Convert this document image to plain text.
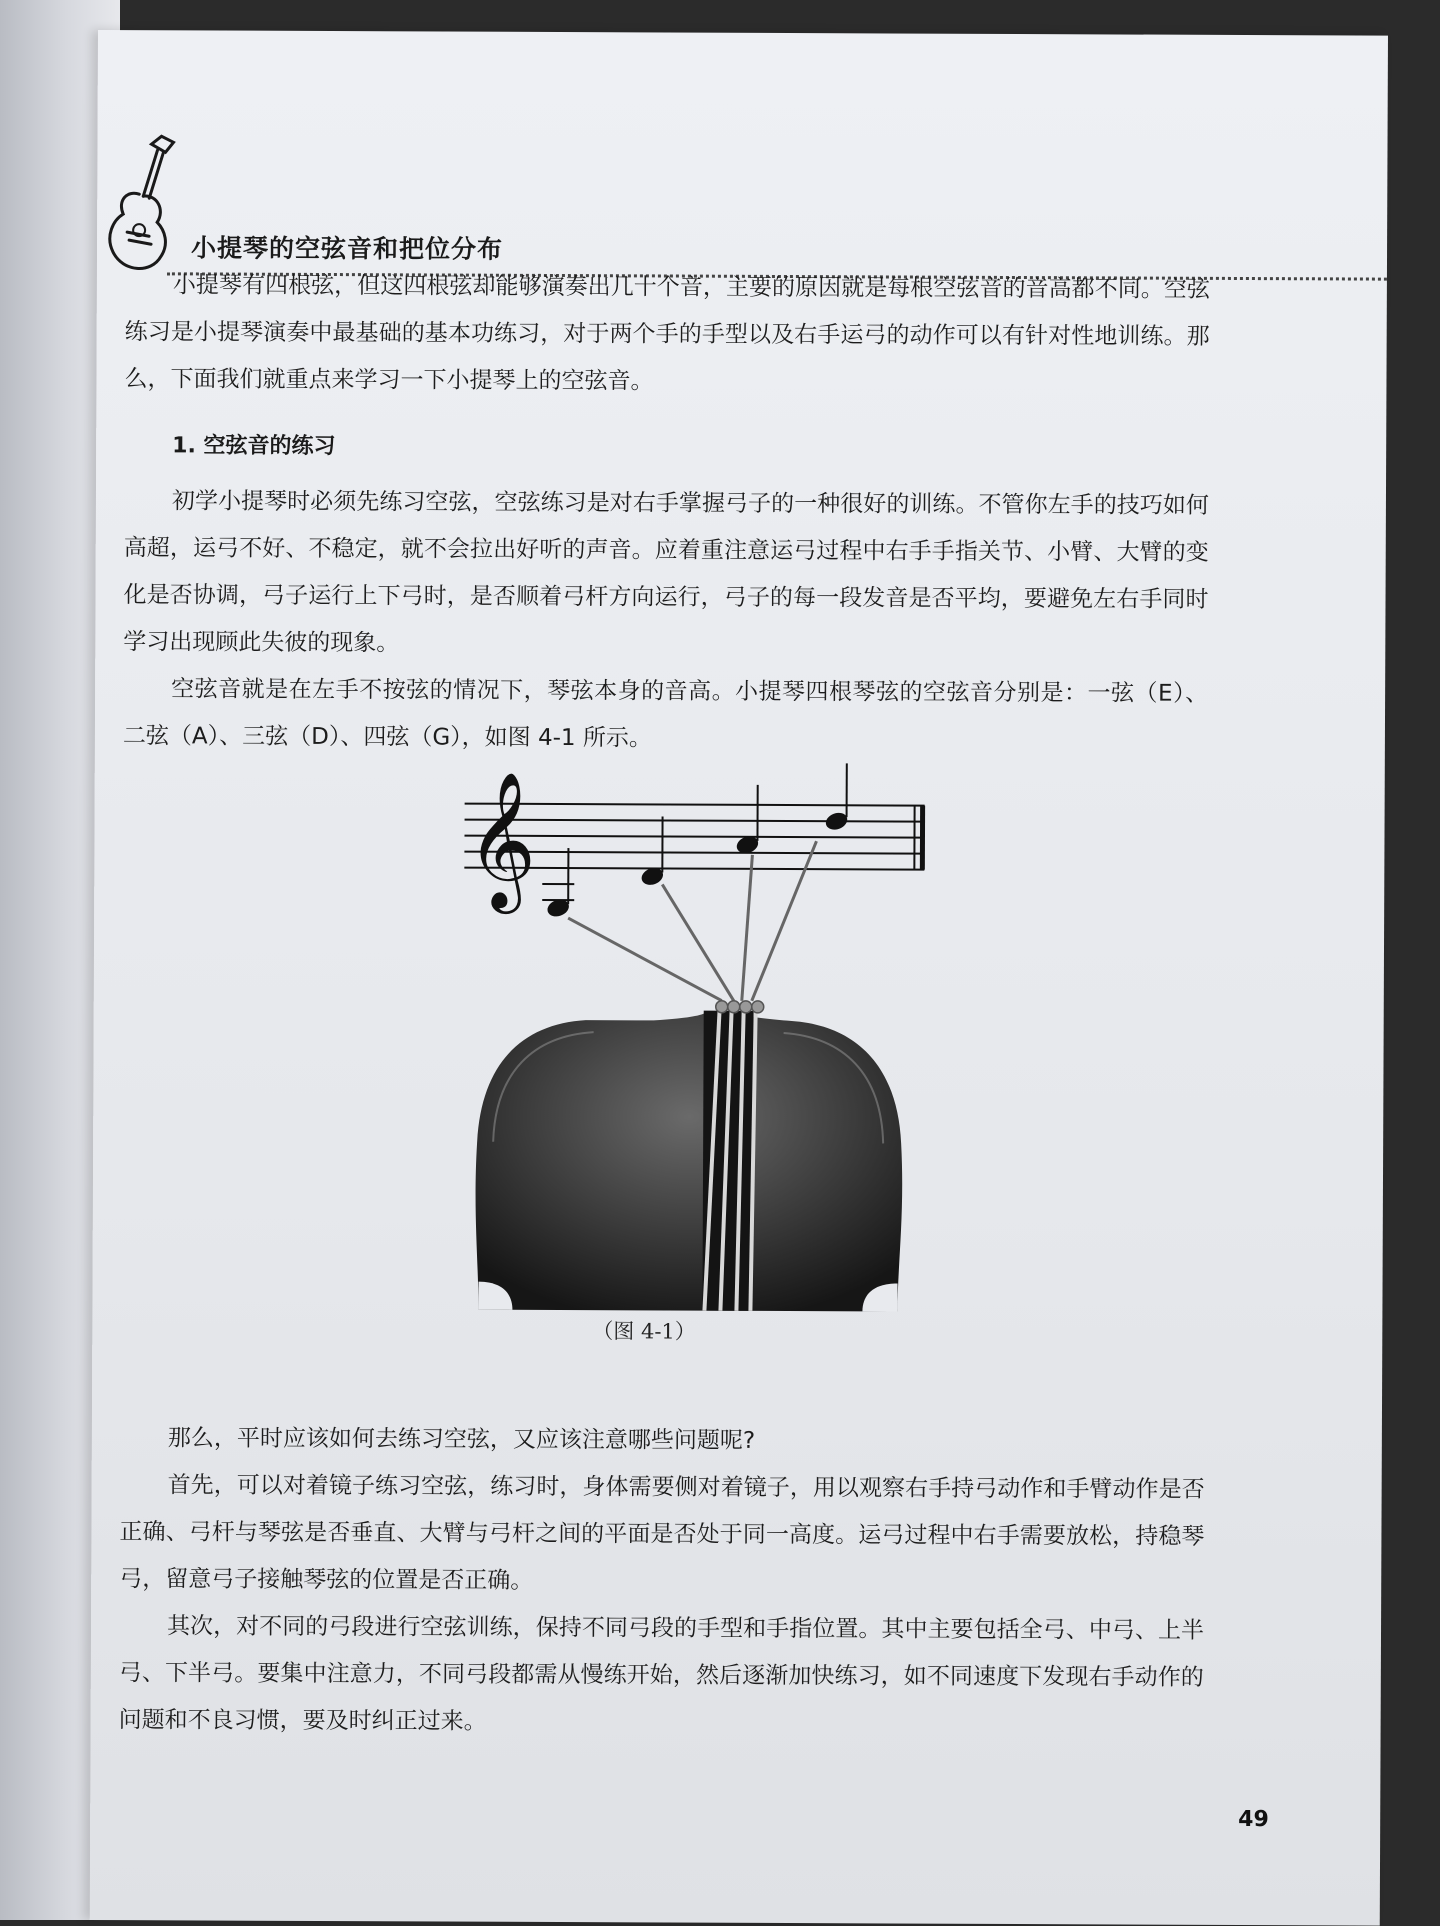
小提琴的空弦音和把位分布

小提琴有四根弦，但这四根弦却能够演奏出几十个音，主要的原因就是每根空弦音的音高都不同。空弦练习是小提琴演奏中最基础的基本功练习，对于两个手的手型以及右手运弓的动作可以有针对性地训练。那么，下面我们就重点来学习一下小提琴上的空弦音。

1. 空弦音的练习

初学小提琴时必须先练习空弦，空弦练习是对右手掌握弓子的一种很好的训练。不管你左手的技巧如何高超，运弓不好、不稳定，就不会拉出好听的声音。应着重注意运弓过程中右手手指关节、小臂、大臂的变化是否协调，弓子运行上下弓时，是否顺着弓杆方向运行，弓子的每一段发音是否平均，要避免左右手同时学习出现顾此失彼的现象。

空弦音就是在左手不按弦的情况下，琴弦本身的音高。小提琴四根琴弦的空弦音分别是：一弦（E）、二弦（A）、三弦（D）、四弦（G），如图 4-1 所示。

𝄞
（图 4-1）

那么，平时应该如何去练习空弦，又应该注意哪些问题呢?

首先，可以对着镜子练习空弦，练习时，身体需要侧对着镜子，用以观察右手持弓动作和手臂动作是否正确、弓杆与琴弦是否垂直、大臂与弓杆之间的平面是否处于同一高度。运弓过程中右手需要放松，持稳琴弓，留意弓子接触琴弦的位置是否正确。

其次，对不同的弓段进行空弦训练，保持不同弓段的手型和手指位置。其中主要包括全弓、中弓、上半弓、下半弓。要集中注意力，不同弓段都需从慢练开始，然后逐渐加快练习，如不同速度下发现右手动作的问题和不良习惯，要及时纠正过来。

49
